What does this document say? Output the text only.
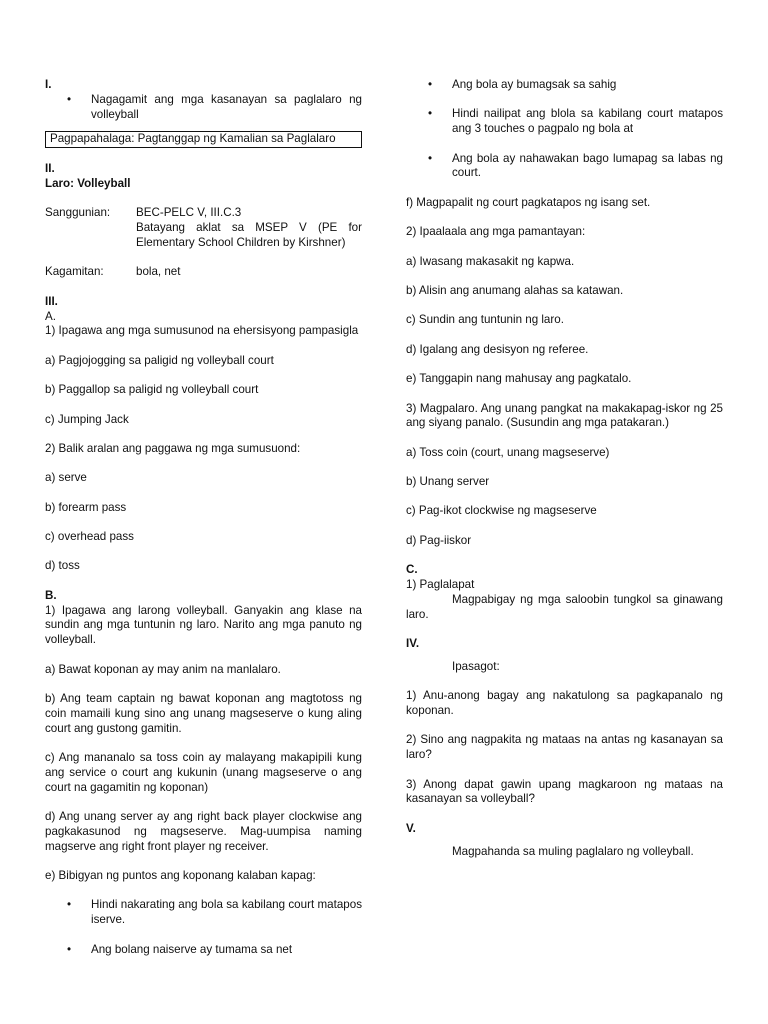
I.

• Nagagamit ang mga kasanayan sa paglalaro ng volleyball

Pagpapahalaga: Pagtanggap ng Kamalian sa Paglalaro

II.

Laro: Volleyball

Sanggunian:	BEC-PELC V, III.C.3
Batayang aklat sa MSEP V (PE for Elementary School Children by Kirshner)
Kagamitan:	bola, net

III.

A.

1) Ipagawa ang mga sumusunod na ehersisyong pampasigla

a) Pagjojogging sa paligid ng volleyball court

b) Paggallop sa paligid ng volleyball court

c) Jumping Jack

2) Balik aralan ang paggawa ng mga sumusuond:

a) serve

b) forearm pass

c) overhead pass

d) toss

B.

1) Ipagawa ang larong volleyball. Ganyakin ang klase na sundin ang mga tuntunin ng laro. Narito ang mga panuto ng volleyball.

a) Bawat koponan ay may anim na manlalaro.

b) Ang team captain ng bawat koponan ang magtotoss ng coin mamaili kung sino ang unang magseserve o kung aling court ang gustong gamitin.

c) Ang mananalo sa toss coin ay malayang makapipili kung ang service o court ang kukunin (unang magseserve o ang court na gagamitin ng koponan)

d) Ang unang server ay ang right back player clockwise ang pagkakasunod ng magseserve. Mag-uumpisa naming magserve ang right front player ng receiver.

e) Bibigyan ng puntos ang koponang kalaban kapag:

• Hindi nakarating ang bola sa kabilang court matapos iserve.

• Ang bolang naiserve ay tumama sa net

• Ang bola ay bumagsak sa sahig

• Hindi nailipat ang blola sa kabilang court matapos ang 3 touches o pagpalo ng bola at

• Ang bola ay nahawakan bago lumapag sa labas ng court.

f) Magpapalit ng court pagkatapos ng isang set.

2) Ipaalaala ang mga pamantayan:

a) Iwasang makasakit ng kapwa.

b) Alisin ang anumang alahas sa katawan.

c) Sundin ang tuntunin ng laro.

d) Igalang ang desisyon ng referee.

e) Tanggapin nang mahusay ang pagkatalo.

3) Magpalaro. Ang unang pangkat na makakapag-iskor ng 25 ang siyang panalo. (Susundin ang mga patakaran.)

a) Toss coin (court, unang magseserve)

b) Unang server

c) Pag-ikot clockwise ng magseserve

d) Pag-iiskor

C.

1) Paglalapat

Magpabigay ng mga saloobin tungkol sa ginawang laro.

IV.

Ipasagot:

1) Anu-anong bagay ang nakatulong sa pagkapanalo ng koponan.

2) Sino ang nagpakita ng mataas na antas ng kasanayan sa laro?

3) Anong dapat gawin upang magkaroon ng mataas na kasanayan sa volleyball?

V.

Magpahanda sa muling paglalaro ng volleyball.
